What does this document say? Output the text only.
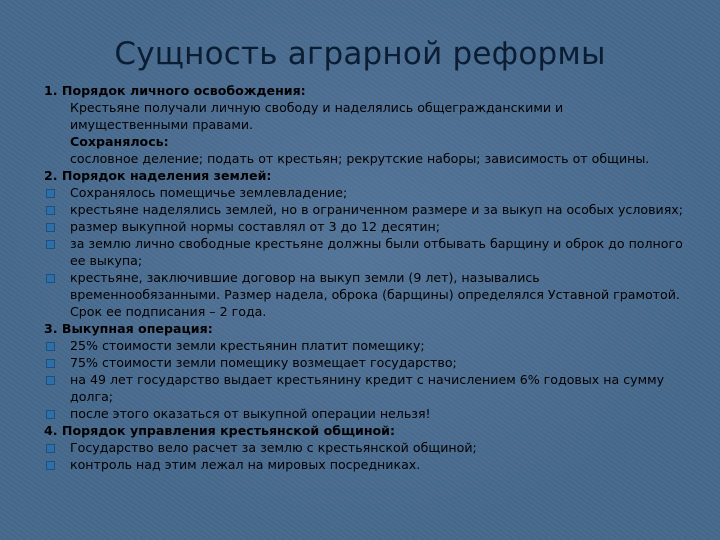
Сущность аграрной реформы
1. Порядок личного освобождения:
Крестьяне получали личную свободу и наделялись общегражданскими и имущественными правами.
Сохранялось:
сословное деление; подать от крестьян; рекрутские наборы; зависимость от общины.
2. Порядок наделения землей:
Сохранялось помещичье землевладение;
крестьяне наделялись землей, но в ограниченном размере и за выкуп на особых условиях;
размер выкупной нормы составлял от 3 до 12 десятин;
за землю лично свободные крестьяне должны были отбывать барщину и оброк до полного ее выкупа;
крестьяне, заключившие договор на выкуп земли (9 лет), назывались временнообязанными. Размер надела, оброка (барщины) определялся Уставной грамотой. Срок ее подписания – 2 года.
3. Выкупная операция:
25% стоимости земли крестьянин платит помещику;
75% стоимости земли помещику возмещает государство;
на 49 лет государство выдает крестьянину кредит с начислением 6% годовых на сумму долга;
после этого оказаться от выкупной операции нельзя!
4. Порядок управления крестьянской общиной:
Государство вело расчет за землю с крестьянской общиной;
контроль над этим лежал на мировых посредниках.
